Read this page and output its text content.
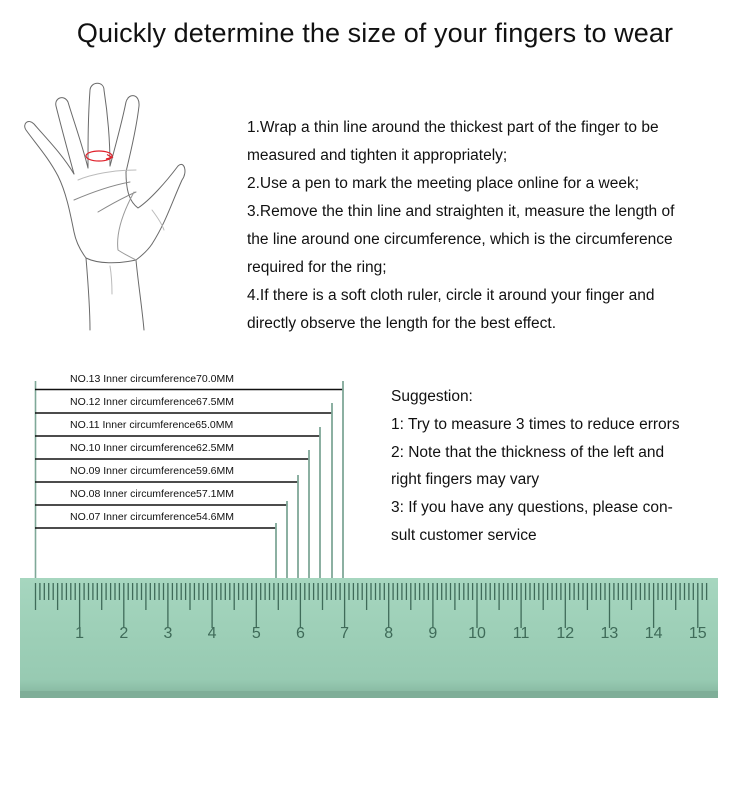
Quickly determine the size of your fingers to wear
1.Wrap a thin line around the thickest part of the finger to be
measured and tighten it appropriately;
2.Use a pen to mark the meeting place online for a week;
3.Remove the thin line and straighten it, measure the length of
the line around one circumference, which is the circumference
required for the ring;
4.If there is a soft cloth ruler, circle it around your finger and
directly observe the length for the best effect.
NO.13 Inner circumference70.0MM
NO.12 Inner circumference67.5MM
NO.11 Inner circumference65.0MM
NO.10 Inner circumference62.5MM
NO.09 Inner circumference59.6MM
NO.08 Inner circumference57.1MM
NO.07 Inner circumference54.6MM
Suggestion:
1: Try to measure 3 times to reduce errors
2: Note that the thickness of the left and
right fingers may vary
3: If you have any questions, please con-
sult customer service
1 2 3 4 5 6 7 8 9 10 11 12 13 14 15
